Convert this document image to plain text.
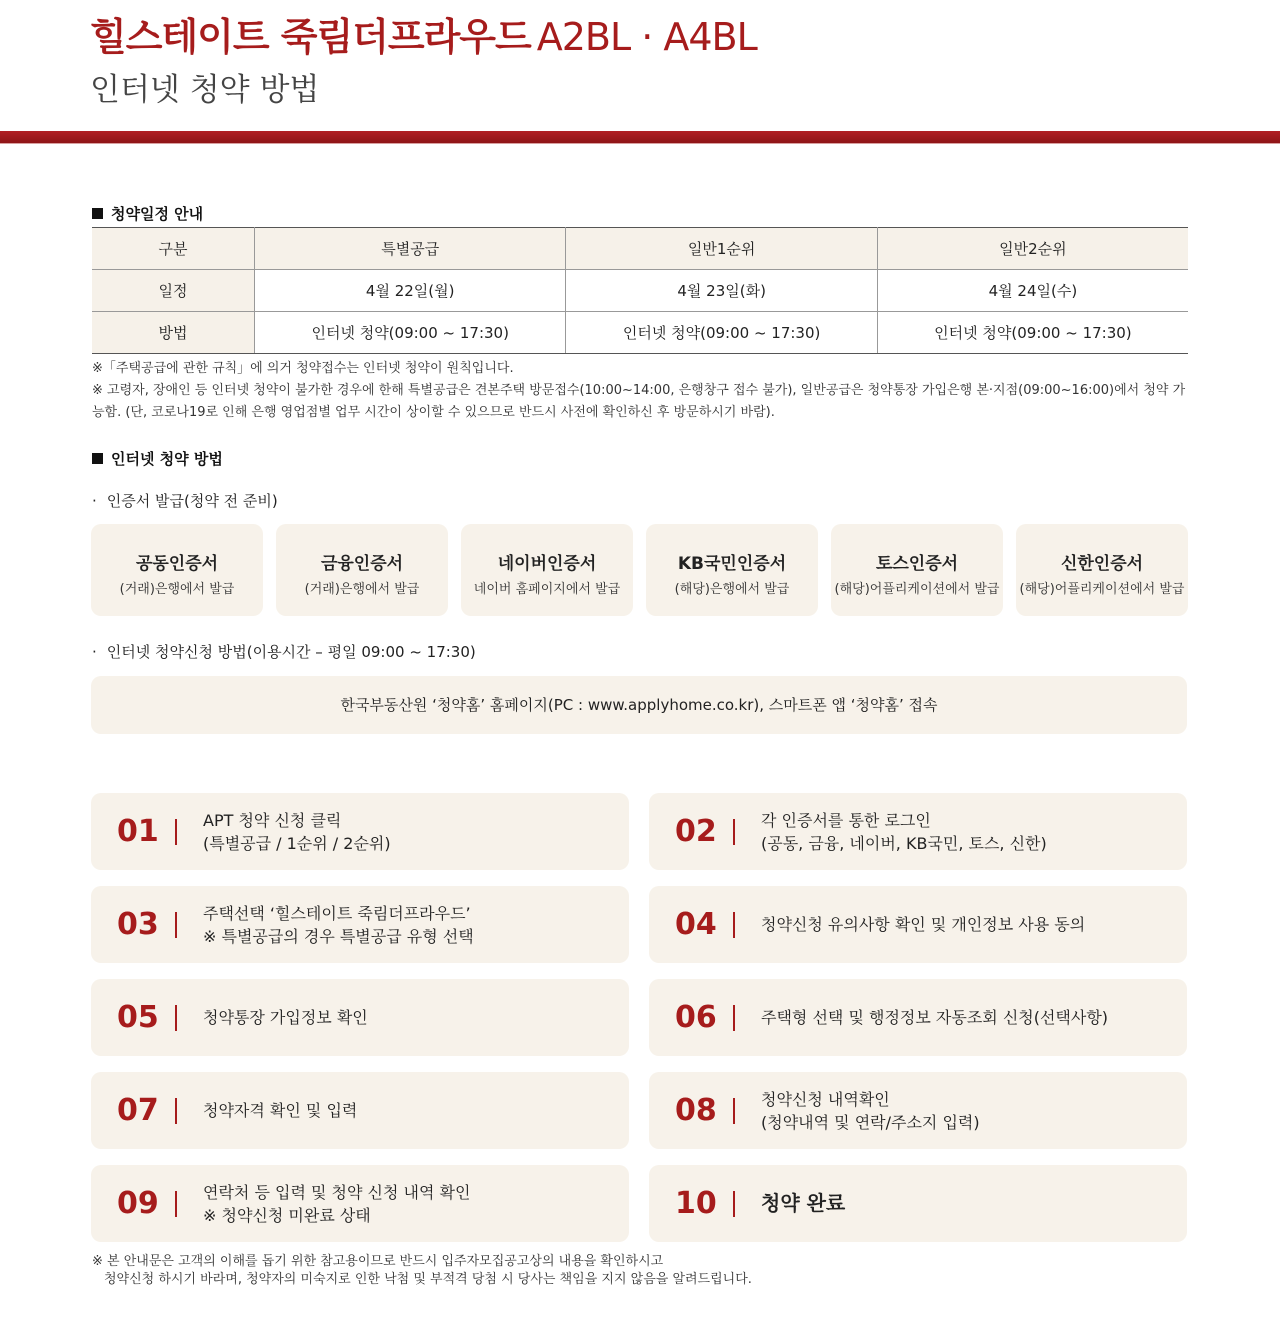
힐스테이트 죽림더프라우드 A2BL · A4BL
인터넷 청약 방법
청약일정 안내
구분	특별공급	일반1순위	일반2순위
일정	4월 22일(월)	4월 23일(화)	4월 24일(수)
방법	인터넷 청약(09:00 ~ 17:30)	인터넷 청약(09:00 ~ 17:30)	인터넷 청약(09:00 ~ 17:30)
※「주택공급에 관한 규칙」에 의거 청약접수는 인터넷 청약이 원칙입니다.
※ 고령자, 장애인 등 인터넷 청약이 불가한 경우에 한해 특별공급은 견본주택 방문접수(10:00~14:00, 은행창구 접수 불가), 일반공급은 청약통장 가입은행 본·지점(09:00~16:00)에서 청약 가능함. (단, 코로나19로 인해 은행 영업점별 업무 시간이 상이할 수 있으므로 반드시 사전에 확인하신 후 방문하시기 바람).
인터넷 청약 방법
· 인증서 발급(청약 전 준비)
공동인증서
(거래)은행에서 발급
금융인증서
(거래)은행에서 발급
네이버인증서
네이버 홈페이지에서 발급
KB국민인증서
(해당)은행에서 발급
토스인증서
(해당)어플리케이션에서 발급
신한인증서
(해당)어플리케이션에서 발급
· 인터넷 청약신청 방법(이용시간 – 평일 09:00 ~ 17:30)
한국부동산원 ‘청약홈’ 홈페이지(PC : www.applyhome.co.kr), 스마트폰 앱 ‘청약홈’ 접속
01	APT 청약 신청 클릭
(특별공급 / 1순위 / 2순위)	02	각 인증서를 통한 로그인
(공동, 금융, 네이버, KB국민, 토스, 신한)
03	주택선택 ‘힐스테이트 죽림더프라우드’
※ 특별공급의 경우 특별공급 유형 선택	04	청약신청 유의사항 확인 및 개인정보 사용 동의
05	청약통장 가입정보 확인	06	주택형 선택 및 행정정보 자동조회 신청(선택사항)
07	청약자격 확인 및 입력	08	청약신청 내역확인
(청약내역 및 연락/주소지 입력)
09	연락처 등 입력 및 청약 신청 내역 확인
※ 청약신청 미완료 상태	10 청약 완료
※ 본 안내문은 고객의 이해를 돕기 위한 참고용이므로 반드시 입주자모집공고상의 내용을 확인하시고
청약신청 하시기 바라며, 청약자의 미숙지로 인한 낙첨 및 부적격 당첨 시 당사는 책임을 지지 않음을 알려드립니다.
